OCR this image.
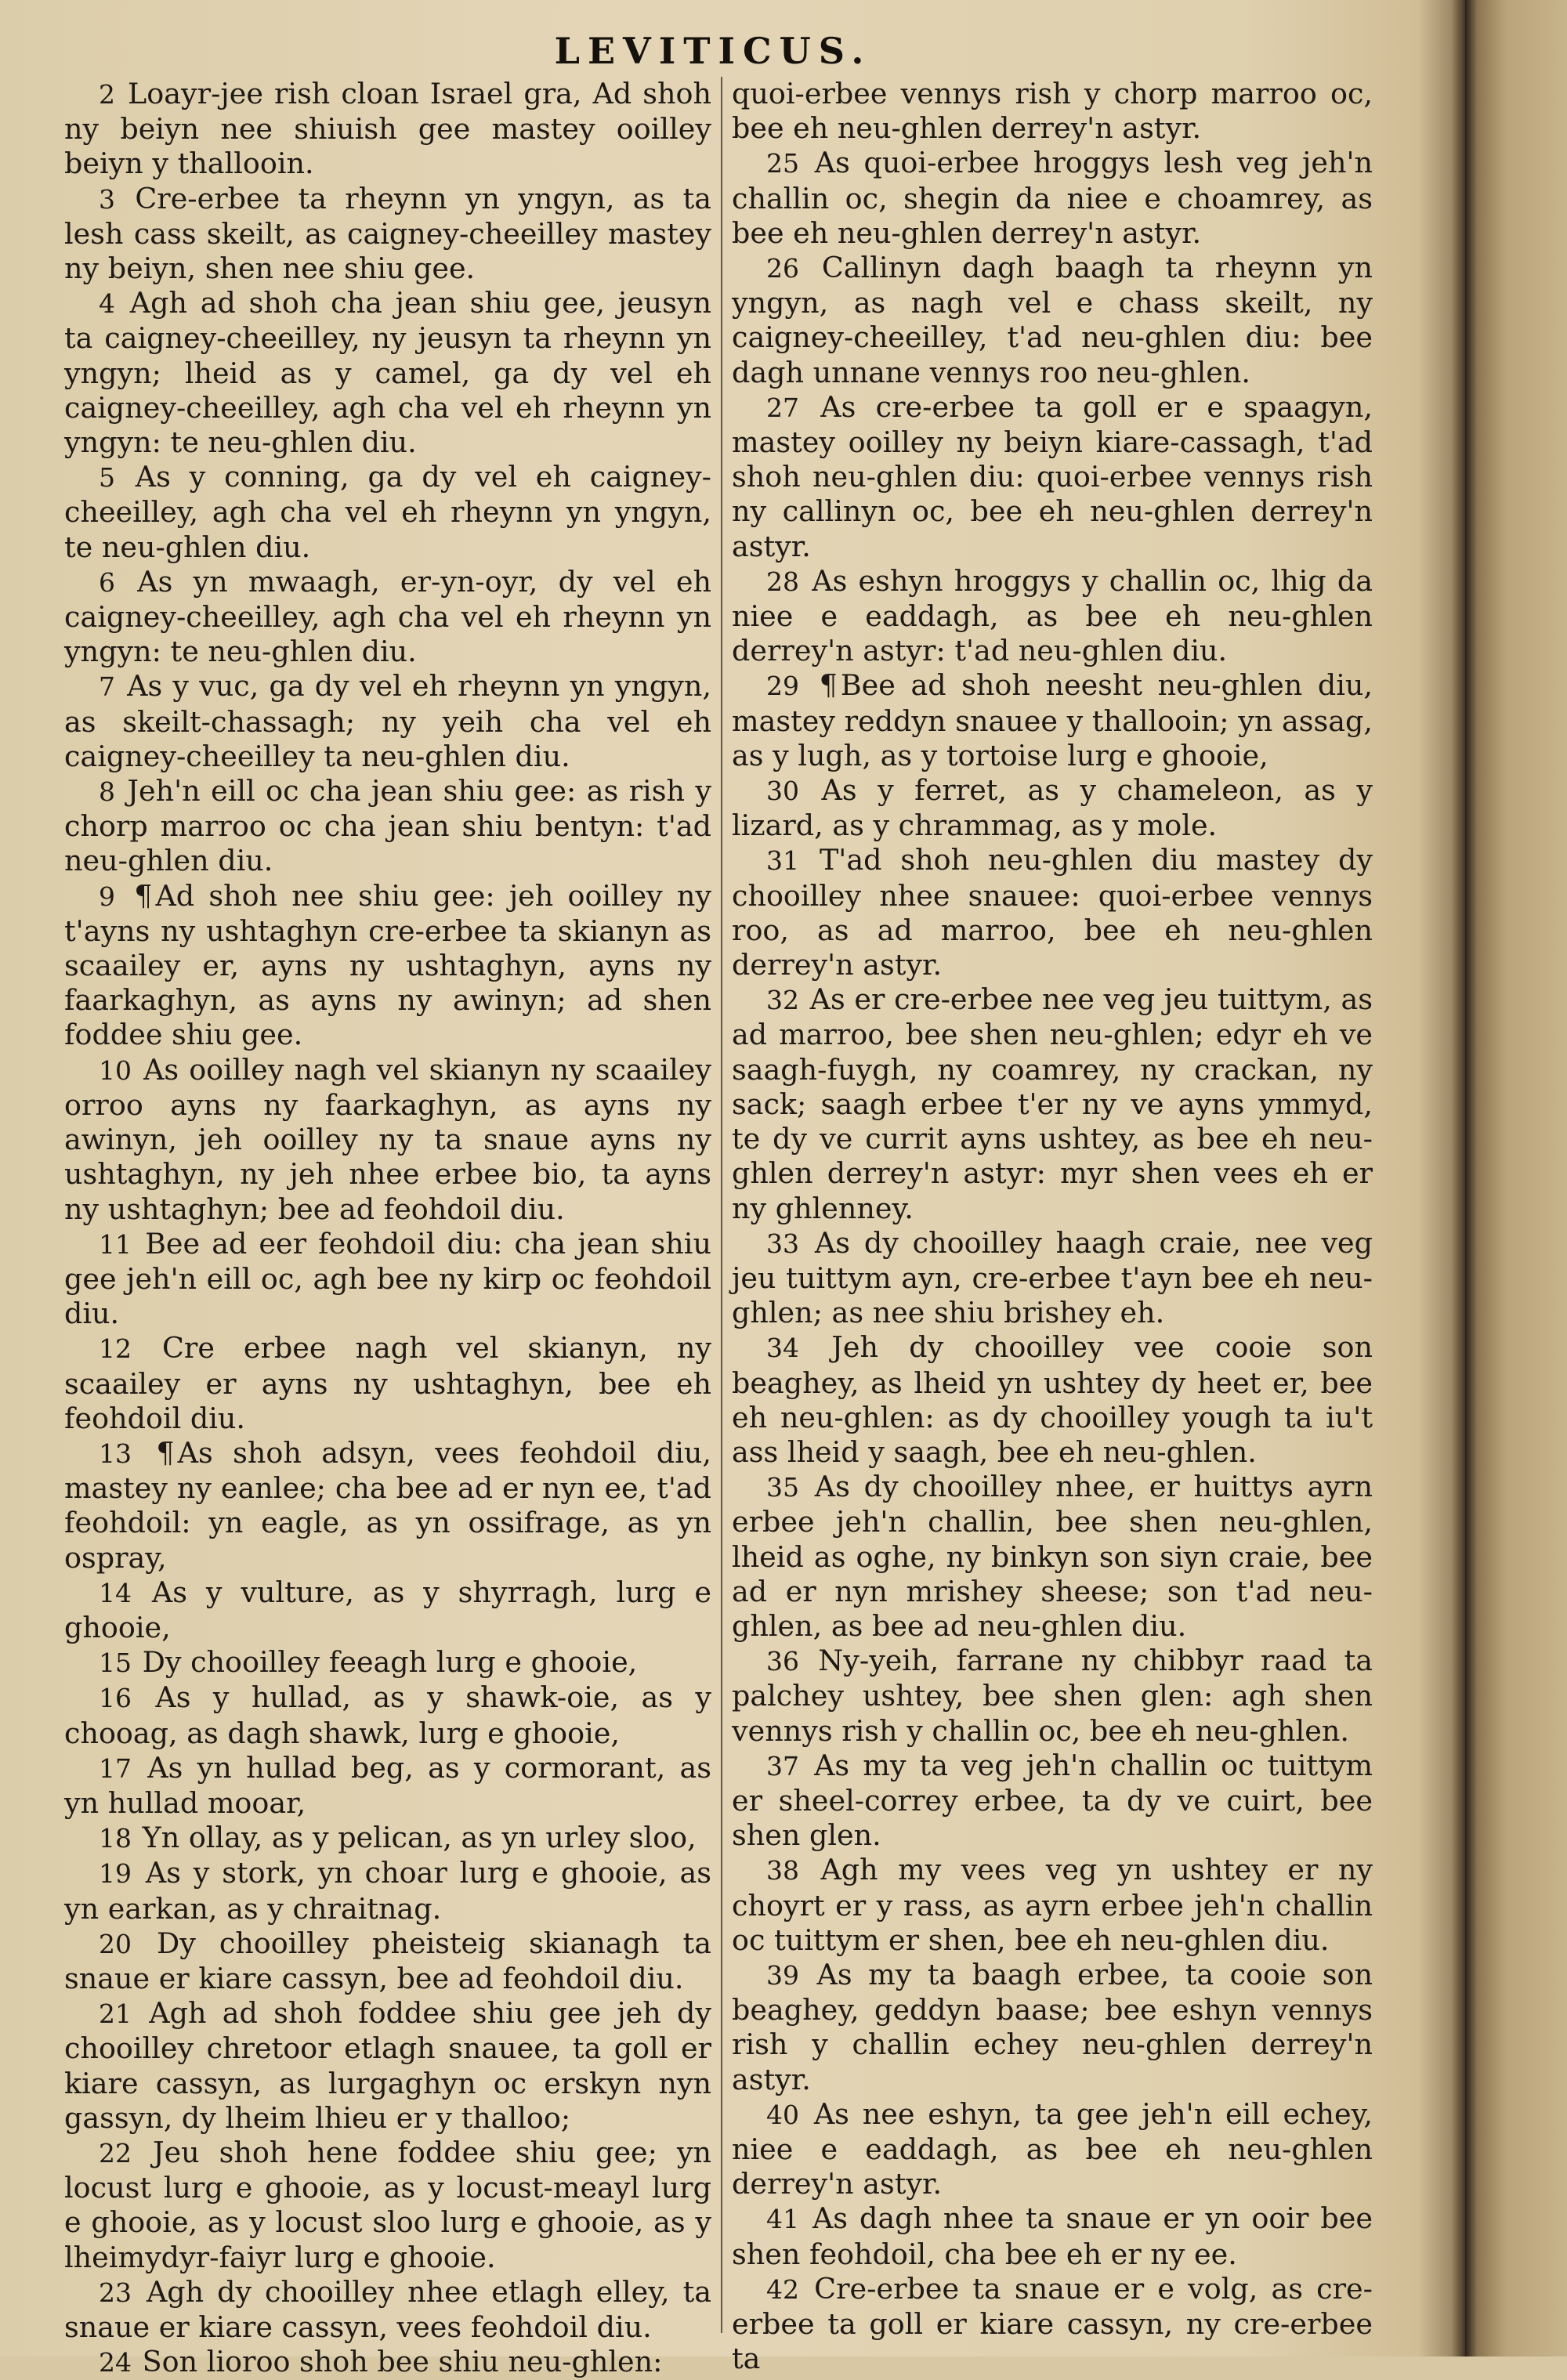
LEVITICUS.

2 Loayr-jee rish cloan Israel gra, Ad shoh ny beiyn nee shiuish gee mastey ooilley beiyn y thallooin.

3 Cre-erbee ta rheynn yn yngyn, as ta lesh cass skeilt, as caigney-cheeilley mastey ny beiyn, shen nee shiu gee.

4 Agh ad shoh cha jean shiu gee, jeusyn ta caigney-cheeilley, ny jeusyn ta rheynn yn yngyn; lheid as y camel, ga dy vel eh caigney-cheeilley, agh cha vel eh rheynn yn yngyn: te neu-ghlen diu.

5 As y conning, ga dy vel eh caigney-cheeilley, agh cha vel eh rheynn yn yngyn, te neu-ghlen diu.

6 As yn mwaagh, er-yn-oyr, dy vel eh caigney-cheeilley, agh cha vel eh rheynn yn yngyn: te neu-ghlen diu.

7 As y vuc, ga dy vel eh rheynn yn yngyn, as skeilt-chassagh; ny yeih cha vel eh caigney-cheeilley ta neu-ghlen diu.

8 Jeh'n eill oc cha jean shiu gee: as rish y chorp marroo oc cha jean shiu bentyn: t'ad neu-ghlen diu.

9 ¶ Ad shoh nee shiu gee: jeh ooilley ny t'ayns ny ushtaghyn cre-erbee ta skianyn as scaailey er, ayns ny ushtaghyn, ayns ny faarkaghyn, as ayns ny awinyn; ad shen foddee shiu gee.

10 As ooilley nagh vel skianyn ny scaailey orroo ayns ny faarkaghyn, as ayns ny awinyn, jeh ooilley ny ta snaue ayns ny ushtaghyn, ny jeh nhee erbee bio, ta ayns ny ushtaghyn; bee ad feohdoil diu.

11 Bee ad eer feohdoil diu: cha jean shiu gee jeh'n eill oc, agh bee ny kirp oc feohdoil diu.

12 Cre erbee nagh vel skianyn, ny scaailey er ayns ny ushtaghyn, bee eh feohdoil diu.

13 ¶ As shoh adsyn, vees feohdoil diu, mastey ny eanlee; cha bee ad er nyn ee, t'ad feohdoil: yn eagle, as yn ossifrage, as yn ospray,

14 As y vulture, as y shyrragh, lurg e ghooie,

15 Dy chooilley feeagh lurg e ghooie,

16 As y hullad, as y shawk-oie, as y chooag, as dagh shawk, lurg e ghooie,

17 As yn hullad beg, as y cormorant, as yn hullad mooar,

18 Yn ollay, as y pelican, as yn urley sloo,

19 As y stork, yn choar lurg e ghooie, as yn earkan, as y chraitnag.

20 Dy chooilley pheisteig skianagh ta snaue er kiare cassyn, bee ad feohdoil diu.

21 Agh ad shoh foddee shiu gee jeh dy chooilley chretoor etlagh snauee, ta goll er kiare cassyn, as lurgaghyn oc erskyn nyn gassyn, dy lheim lhieu er y thalloo;

22 Jeu shoh hene foddee shiu gee; yn locust lurg e ghooie, as y locust-meayl lurg e ghooie, as y locust sloo lurg e ghooie, as y lheimydyr-faiyr lurg e ghooie.

23 Agh dy chooilley nhee etlagh elley, ta snaue er kiare cassyn, vees feohdoil diu.

24 Son lioroo shoh bee shiu neu-ghlen:

quoi-erbee vennys rish y chorp marroo oc, bee eh neu-ghlen derrey'n astyr.

25 As quoi-erbee hroggys lesh veg jeh'n challin oc, shegin da niee e choamrey, as bee eh neu-ghlen derrey'n astyr.

26 Callinyn dagh baagh ta rheynn yn yngyn, as nagh vel e chass skeilt, ny caigney-cheeilley, t'ad neu-ghlen diu: bee dagh unnane vennys roo neu-ghlen.

27 As cre-erbee ta goll er e spaagyn, mastey ooilley ny beiyn kiare-cassagh, t'ad shoh neu-ghlen diu: quoi-erbee vennys rish ny callinyn oc, bee eh neu-ghlen derrey'n astyr.

28 As eshyn hroggys y challin oc, lhig da niee e eaddagh, as bee eh neu-ghlen derrey'n astyr: t'ad neu-ghlen diu.

29 ¶ Bee ad shoh neesht neu-ghlen diu, mastey reddyn snauee y thallooin; yn assag, as y lugh, as y tortoise lurg e ghooie,

30 As y ferret, as y chameleon, as y lizard, as y chrammag, as y mole.

31 T'ad shoh neu-ghlen diu mastey dy chooilley nhee snauee: quoi-erbee vennys roo, as ad marroo, bee eh neu-ghlen derrey'n astyr.

32 As er cre-erbee nee veg jeu tuittym, as ad marroo, bee shen neu-ghlen; edyr eh ve saagh-fuygh, ny coamrey, ny crackan, ny sack; saagh erbee t'er ny ve ayns ymmyd, te dy ve currit ayns ushtey, as bee eh neu-ghlen derrey'n astyr: myr shen vees eh er ny ghlenney.

33 As dy chooilley haagh craie, nee veg jeu tuittym ayn, cre-erbee t'ayn bee eh neu-ghlen; as nee shiu brishey eh.

34 Jeh dy chooilley vee cooie son beaghey, as lheid yn ushtey dy heet er, bee eh neu-ghlen: as dy chooilley yough ta iu't ass lheid y saagh, bee eh neu-ghlen.

35 As dy chooilley nhee, er huittys ayrn erbee jeh'n challin, bee shen neu-ghlen, lheid as oghe, ny binkyn son siyn craie, bee ad er nyn mrishey sheese; son t'ad neu-ghlen, as bee ad neu-ghlen diu.

36 Ny-yeih, farrane ny chibbyr raad ta palchey ushtey, bee shen glen: agh shen vennys rish y challin oc, bee eh neu-ghlen.

37 As my ta veg jeh'n challin oc tuittym er sheel-correy erbee, ta dy ve cuirt, bee shen glen.

38 Agh my vees veg yn ushtey er ny choyrt er y rass, as ayrn erbee jeh'n challin oc tuittym er shen, bee eh neu-ghlen diu.

39 As my ta baagh erbee, ta cooie son beaghey, geddyn baase; bee eshyn vennys rish y challin echey neu-ghlen derrey'n astyr.

40 As nee eshyn, ta gee jeh'n eill echey, niee e eaddagh, as bee eh neu-ghlen derrey'n astyr.

41 As dagh nhee ta snaue er yn ooir bee shen feohdoil, cha bee eh er ny ee.

42 Cre-erbee ta snaue er e volg, as cre-erbee ta goll er kiare cassyn, ny cre-erbee ta
